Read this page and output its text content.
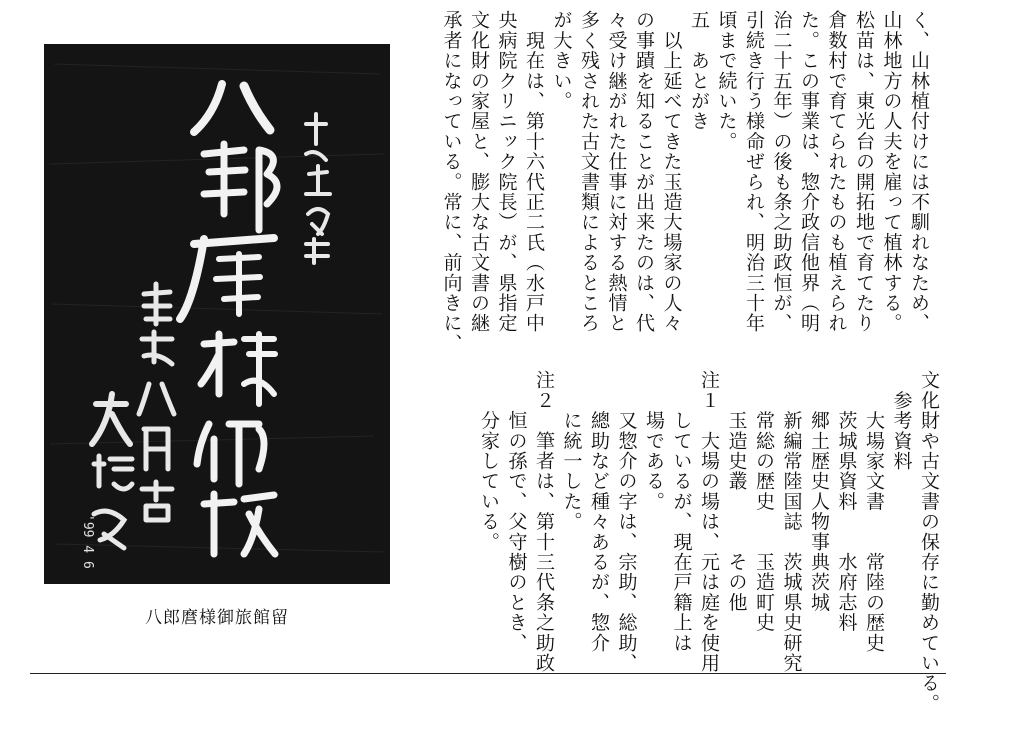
'99 4 6
八郎麿様御旅館留
く、山林植付けには不馴れなため、
山林地方の人夫を雇って植林する。
松苗は、東光台の開拓地で育てたり
倉数村で育てられたものも植えられ
た。この事業は、惣介政信他界（明
治二十五年）の後も条之助政恒が、
引続き行う様命ぜられ、明治三十年
頃まで続いた。
五　あとがき
　以上延べてきた玉造大場家の人々
の事蹟を知ることが出来たのは、代
々受け継がれた仕事に対する熱情と
多く残された古文書類によるところ
が大きい。
　現在は、第十六代正二氏（水戸中
央病院クリニック院長）が、県指定
文化財の家屋と、膨大な古文書の継
承者になっている。常に、前向きに、
文化財や古文書の保存に勤めている。
　参考資料
　　大場家文書　　常陸の歴史
　　茨城県資料　　水府志料
　　郷土歴史人物事典茨城
　　新編常陸国誌　茨城県史研究
　　常総の歴史　　玉造町史
　　玉造史叢　　　その他
注１　大場の場は、元は庭を使用
　　しているが、現在戸籍上は
　　場である。
　　又惣介の字は、宗助、総助、
　　總助など種々あるが、惣介
　　に統一した。
注２　筆者は、第十三代条之助政
　　恒の孫で、父守樹のとき、
　　分家している。
